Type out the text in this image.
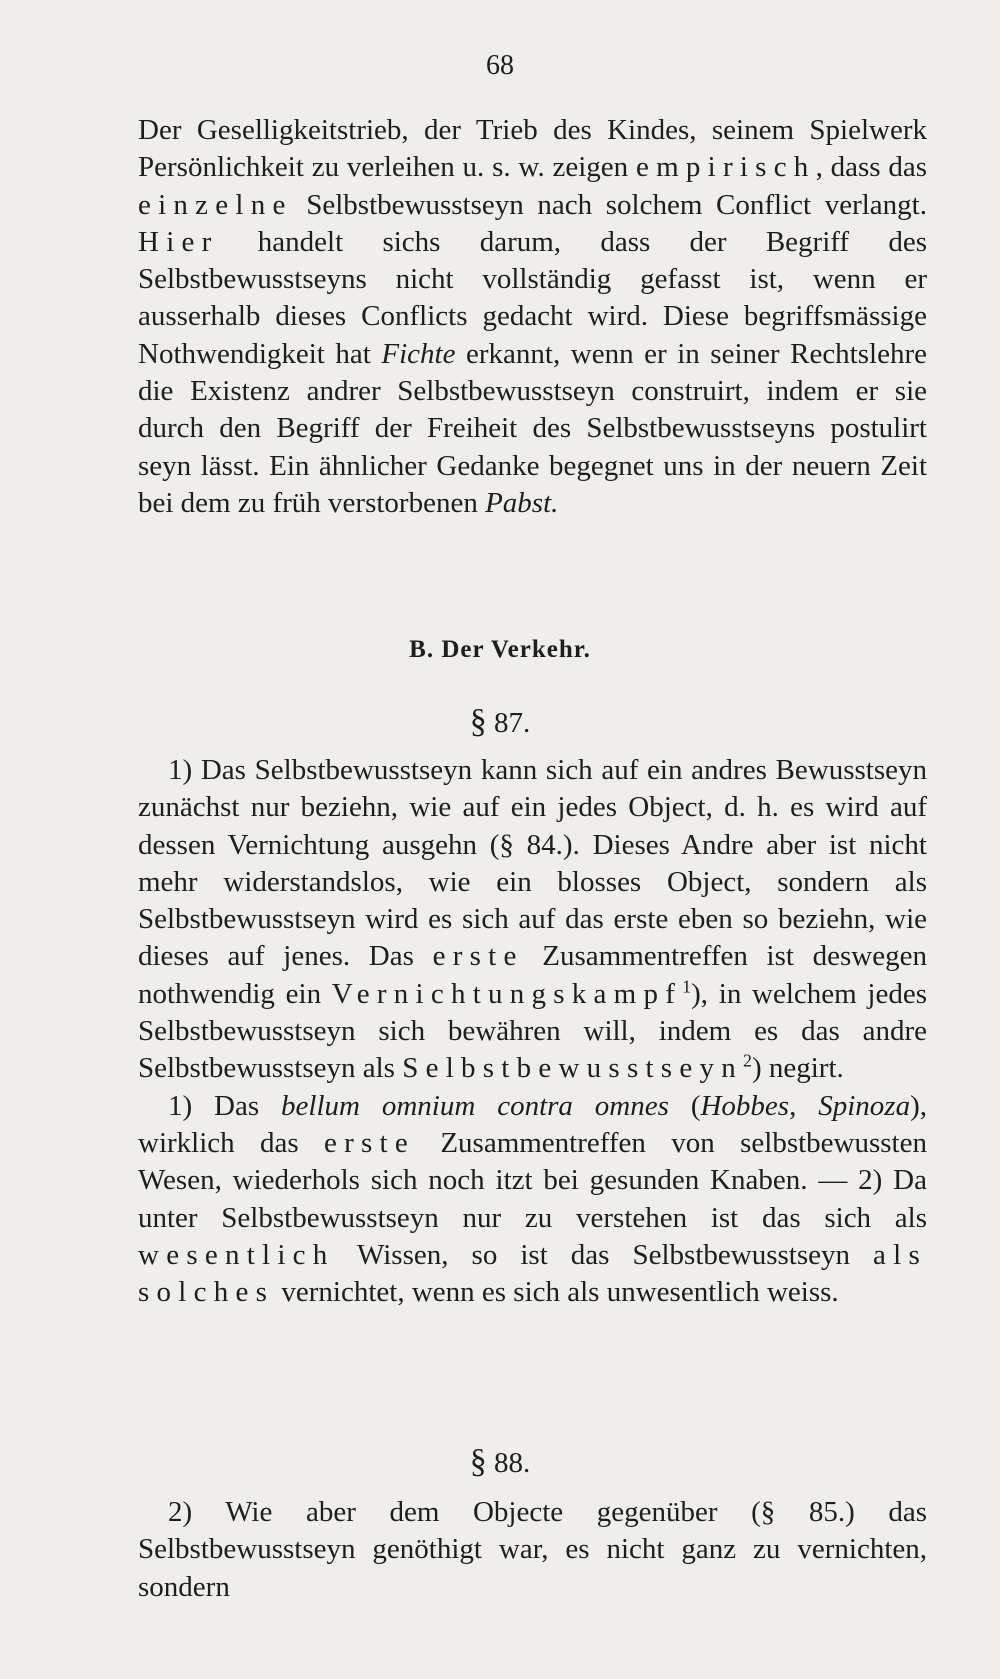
68

Der Geselligkeitstrieb, der Trieb des Kindes, seinem Spielwerk Persönlichkeit zu verleihen u. s. w. zeigen empirisch, dass das einzelne Selbstbewusstseyn nach solchem Conflict verlangt. Hier handelt sichs darum, dass der Begriff des Selbstbewusstseyns nicht vollständig gefasst ist, wenn er ausserhalb dieses Conflicts gedacht wird. Diese begriffsmässige Nothwendigkeit hat Fichte erkannt, wenn er in seiner Rechtslehre die Existenz andrer Selbstbewusstseyn construirt, indem er sie durch den Begriff der Freiheit des Selbstbewusstseyns postulirt seyn lässt. Ein ähnlicher Gedanke begegnet uns in der neuern Zeit bei dem zu früh verstorbenen Pabst.

B. Der Verkehr.
§ 87.

1) Das Selbstbewusstseyn kann sich auf ein andres Bewusstseyn zunächst nur beziehn, wie auf ein jedes Object, d. h. es wird auf dessen Vernichtung ausgehn (§ 84.). Dieses Andre aber ist nicht mehr widerstandslos, wie ein blosses Object, sondern als Selbstbewusstseyn wird es sich auf das erste eben so beziehn, wie dieses auf jenes. Das erste Zusammentreffen ist deswegen nothwendig ein Vernichtungskampf$^1$), in welchem jedes Selbstbewusstseyn sich bewähren will, indem es das andre Selbstbewusstseyn als Selbstbewusstseyn$^2$) negirt.

1) Das bellum omnium contra omnes (Hobbes, Spinoza), wirklich das erste Zusammentreffen von selbstbewussten Wesen, wiederhols sich noch itzt bei gesunden Knaben. — 2) Da unter Selbstbewusstseyn nur zu verstehen ist das sich als wesentlich Wissen, so ist das Selbstbewusstseyn als solches vernichtet, wenn es sich als unwesentlich weiss.

§ 88.

2) Wie aber dem Objecte gegenüber (§ 85.) das Selbstbewusstseyn genöthigt war, es nicht ganz zu vernichten, sondern
